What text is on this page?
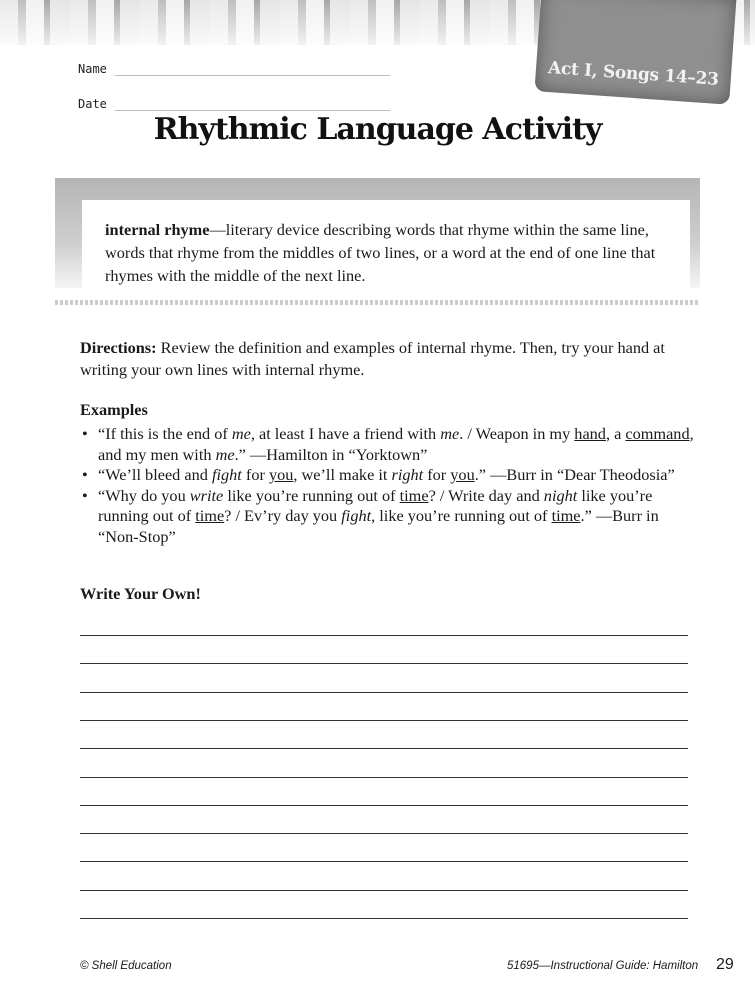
Act I, Songs 14–23
Name
Date
Rhythmic Language Activity
internal rhyme—literary device describing words that rhyme within the same line, words that rhyme from the middles of two lines, or a word at the end of one line that rhymes with the middle of the next line.
Directions: Review the definition and examples of internal rhyme. Then, try your hand at writing your own lines with internal rhyme.
Examples
• “If this is the end of me, at least I have a friend with me. / Weapon in my hand, a command, and my men with me.” —Hamilton in “Yorktown”
• “We’ll bleed and fight for you, we’ll make it right for you.” —Burr in “Dear Theodosia”
• “Why do you write like you’re running out of time? / Write day and night like you’re running out of time? / Ev’ry day you fight, like you’re running out of time.” —Burr in “Non-Stop”
Write Your Own!
© Shell Education	51695—Instructional Guide: Hamilton 29
